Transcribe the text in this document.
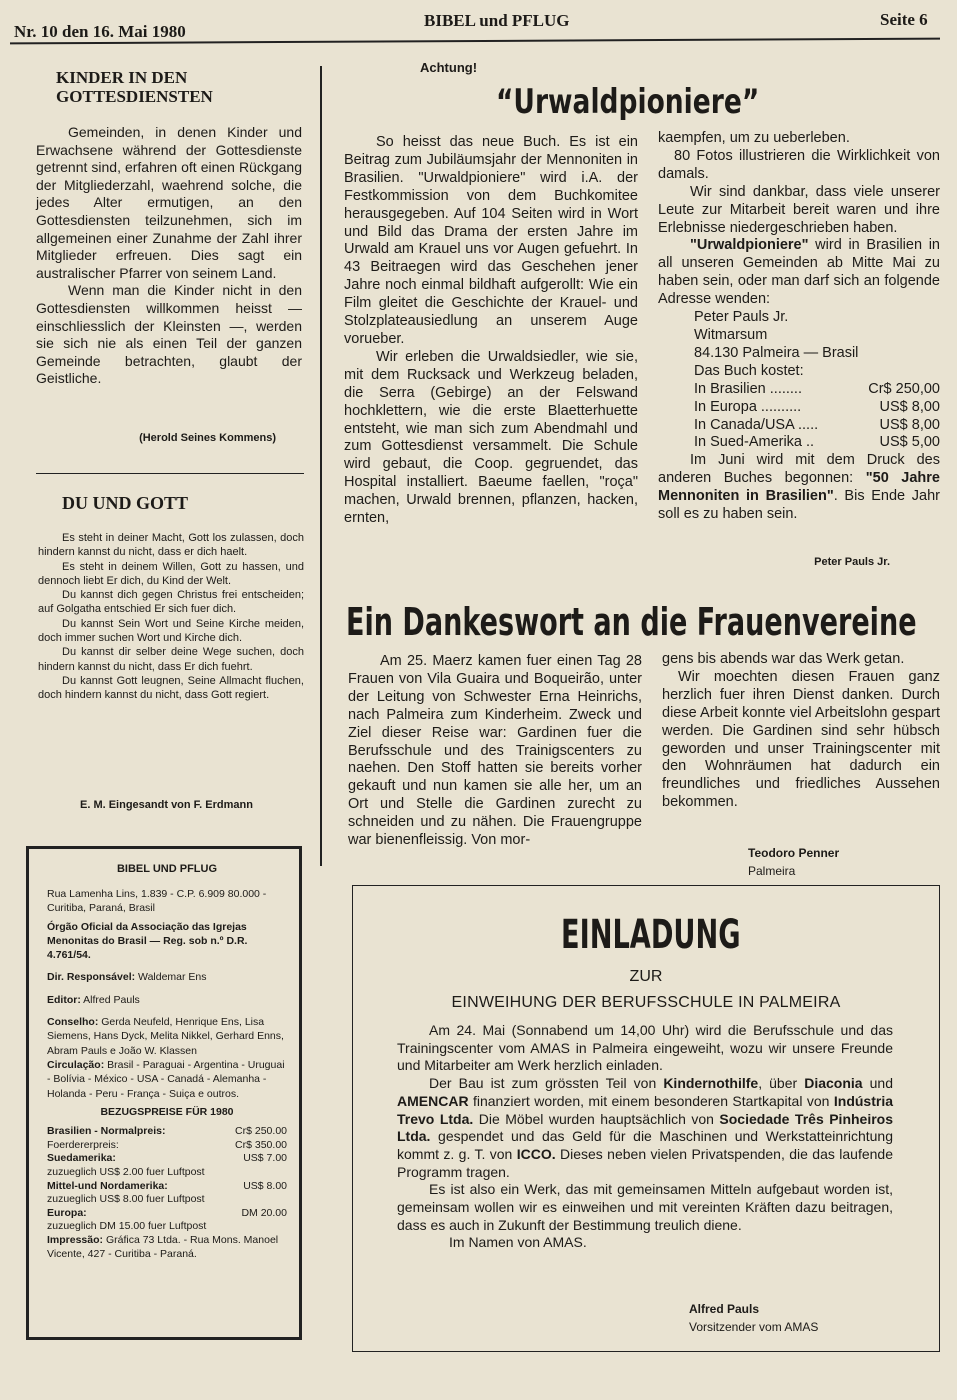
Nr. 10 den 16. Mai 1980
BIBEL und PFLUG	Seite 6
KINDER IN DEN
GOTTESDIENSTEN

Gemeinden, in denen Kinder und Erwachsene während der Gottesdienste getrennt sind, erfahren oft einen Rückgang der Mitgliederzahl, waehrend solche, die jedes Alter ermutigen, an den Gottesdiensten teilzunehmen, sich im allgemeinen einer Zunahme der Zahl ihrer Mitglieder erfreuen. Dies sagt ein australischer Pfarrer von seinem Land.

Wenn man die Kinder nicht in den Gottesdiensten willkommen heisst — einschliesslich der Kleinsten —, werden sie sich nie als einen Teil der ganzen Gemeinde betrachten, glaubt der Geistliche.

(Herold Seines Kommens)
DU UND GOTT

Es steht in deiner Macht, Gott los zulassen, doch hindern kannst du nicht, dass er dich haelt.

Es steht in deinem Willen, Gott zu hassen, und dennoch liebt Er dich, du Kind der Welt.

Du kannst dich gegen Christus frei entscheiden; auf Golgatha entschied Er sich fuer dich.

Du kannst Sein Wort und Seine Kirche meiden, doch immer suchen Wort und Kirche dich.

Du kannst dir selber deine Wege suchen, doch hindern kannst du nicht, dass Er dich fuehrt.

Du kannst Gott leugnen, Seine Allmacht fluchen, doch hindern kannst du nicht, dass Gott regiert.

E. M. Eingesandt von F. Erdmann
BIBEL UND PFLUG

Rua Lamenha Lins, 1.839 - C.P. 6.909 80.000 - Curitiba, Paraná, Brasil

Órgão Oficial da Associação das Igrejas Menonitas do Brasil — Reg. sob n.º D.R. 4.761/54.

Dir. Responsável: Waldemar Ens

Editor: Alfred Pauls

Conselho: Gerda Neufeld, Henrique Ens, Lisa Siemens, Hans Dyck, Melita Nikkel, Gerhard Enns, Abram Pauls e João W. Klassen

Circulação: Brasil - Paraguai - Argentina - Uruguai - Bolívia - México - USA - Canadá - Alemanha - Holanda - Peru - França - Suiça e outros.

BEZUGSPREISE FÜR 1980
Brasilien - Normalpreis:	Cr$ 250.00
Foerdererpreis:	Cr$ 350.00
Suedamerika:	US$ 7.00
zuzueglich US$ 2.00 fuer Luftpost
Mittel-und Nordamerika:	US$ 8.00
zuzueglich US$ 8.00 fuer Luftpost
Europa:	DM 20.00
zuzueglich DM 15.00 fuer Luftpost

Impressão: Gráfica 73 Ltda. - Rua Mons. Manoel Vicente, 427 - Curitiba - Paraná.

Achtung!
“Urwaldpioniere”

So heisst das neue Buch. Es ist ein Beitrag zum Jubiläumsjahr der Mennoniten in Brasilien. "Urwaldpioniere" wird i.A. der Festkommission von dem Buchkomitee herausgegeben. Auf 104 Seiten wird in Wort und Bild das Drama der ersten Jahre im Urwald am Krauel uns vor Augen gefuehrt. In 43 Beitraegen wird das Geschehen jener Jahre noch einmal bildhaft aufgerollt: Wie ein Film gleitet die Geschichte der Krauel- und Stolzplateausiedlung an unserem Auge vorueber.

Wir erleben die Urwaldsiedler, wie sie, mit dem Rucksack und Werkzeug beladen, die Serra (Gebirge) an der Felswand hochklettern, wie die erste Blaetterhuette entsteht, wie man sich zum Abendmahl und zum Gottesdienst versammelt. Die Schule wird gebaut, die Coop. gegruendet, das Hospital installiert. Baeume faellen, "roça" machen, Urwald brennen, pflanzen, hacken, ernten,

kaempfen, um zu ueberleben.

80 Fotos illustrieren die Wirklichkeit von damals.

Wir sind dankbar, dass viele unserer Leute zur Mitarbeit bereit waren und ihre Erlebnisse niedergeschrieben haben.

"Urwaldpioniere" wird in Brasilien in all unseren Gemeinden ab Mitte Mai zu haben sein, oder man darf sich an folgende Adresse wenden:

Peter Pauls Jr.
Witmarsum
84.130 Palmeira — Brasil
Das Buch kostet:
In Brasilien ........	Cr$ 250,00
In Europa ..........	US$ 8,00
In Canada/USA .....	US$ 8,00
In Sued-Amerika ..	US$ 5,00

Im Juni wird mit dem Druck des anderen Buches begonnen: "50 Jahre Mennoniten in Brasilien". Bis Ende Jahr soll es zu haben sein.

Peter Pauls Jr.
Ein Dankeswort an die Frauenvereine

Am 25. Maerz kamen fuer einen Tag 28 Frauen von Vila Guaira und Boqueirão, unter der Leitung von Schwester Erna Heinrichs, nach Palmeira zum Kinderheim. Zweck und Ziel dieser Reise war: Gardinen fuer die Berufsschule und des Trainigscenters zu naehen. Den Stoff hatten sie bereits vorher gekauft und nun kamen sie alle her, um an Ort und Stelle die Gardinen zurecht zu schneiden und zu nähen. Die Frauengruppe war bienenfleissig. Von mor-

gens bis abends war das Werk getan.

Wir moechten diesen Frauen ganz herzlich fuer ihren Dienst danken. Durch diese Arbeit konnte viel Arbeitslohn gespart werden. Die Gardinen sind sehr hübsch geworden und unser Trainingscenter mit den Wohnräumen hat dadurch ein freundliches und friedliches Aussehen bekommen.

Teodoro Penner
Palmeira
EINLADUNG
ZUR
EINWEIHUNG DER BERUFSSCHULE IN PALMEIRA

Am 24. Mai (Sonnabend um 14,00 Uhr) wird die Berufsschule und das Trainingscenter vom AMAS in Palmeira eingeweiht, wozu wir unsere Freunde und Mitarbeiter am Werk herzlich einladen.

Der Bau ist zum grössten Teil von Kindernothilfe, über Diaconia und AMENCAR finanziert worden, mit einem besonderen Startkapital von Indústria Trevo Ltda. Die Möbel wurden hauptsächlich von Sociedade Três Pinheiros Ltda. gespendet und das Geld für die Maschinen und Werkstatteinrichtung kommt z. g. T. von ICCO. Dieses neben vielen Privatspenden, die das laufende Programm tragen.

Es ist also ein Werk, das mit gemeinsamen Mitteln aufgebaut worden ist, gemeinsam wollen wir es einweihen und mit vereinten Kräften dazu beitragen, dass es auch in Zukunft der Bestimmung treulich diene.

Im Namen von AMAS.

Alfred Pauls
Vorsitzender vom AMAS
